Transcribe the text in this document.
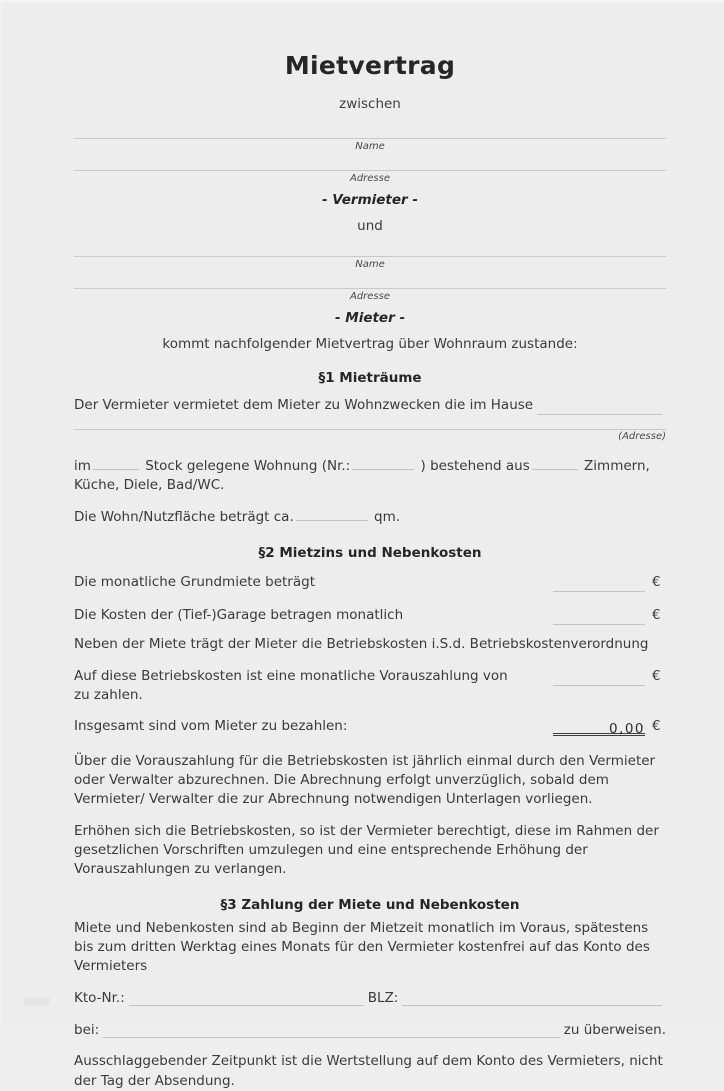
Mietvertrag
zwischen
Name
Adresse
- Vermieter -
und
Name
Adresse
- Mieter -
kommt nachfolgender Mietvertrag über Wohnraum zustande:
§1 Mieträume
Der Vermieter vermietet dem Mieter zu Wohnzwecken die im Hause
(Adresse)
im	Stock gelegene Wohnung (Nr.:	) bestehend aus	Zimmern,
Küche, Diele, Bad/WC.
Die Wohn/Nutzfläche beträgt ca.	qm.
§2 Mietzins und Nebenkosten
Die monatliche Grundmiete beträgt	€
Die Kosten der (Tief-)Garage betragen monatlich	€
Neben der Miete trägt der Mieter die Betriebskosten i.S.d. Betriebskostenverordnung
Auf diese Betriebskosten ist eine monatliche Vorauszahlung von	€
zu zahlen.
Insgesamt sind vom Mieter zu bezahlen:	0,00 €
Über die Vorauszahlung für die Betriebskosten ist jährlich einmal durch den Vermieter oder Verwalter abzurechnen. Die Abrechnung erfolgt unverzüglich, sobald dem Vermieter/ Verwalter die zur Abrechnung notwendigen Unterlagen vorliegen.
Erhöhen sich die Betriebskosten, so ist der Vermieter berechtigt, diese im Rahmen der gesetzlichen Vorschriften umzulegen und eine entsprechende Erhöhung der Vorauszahlungen zu verlangen.
§3 Zahlung der Miete und Nebenkosten
Miete und Nebenkosten sind ab Beginn der Mietzeit monatlich im Voraus, spätestens bis zum dritten Werktag eines Monats für den Vermieter kostenfrei auf das Konto des Vermieters
Kto-Nr.:	BLZ:
bei:	zu überweisen.
Ausschlaggebender Zeitpunkt ist die Wertstellung auf dem Konto des Vermieters, nicht der Tag der Absendung.
